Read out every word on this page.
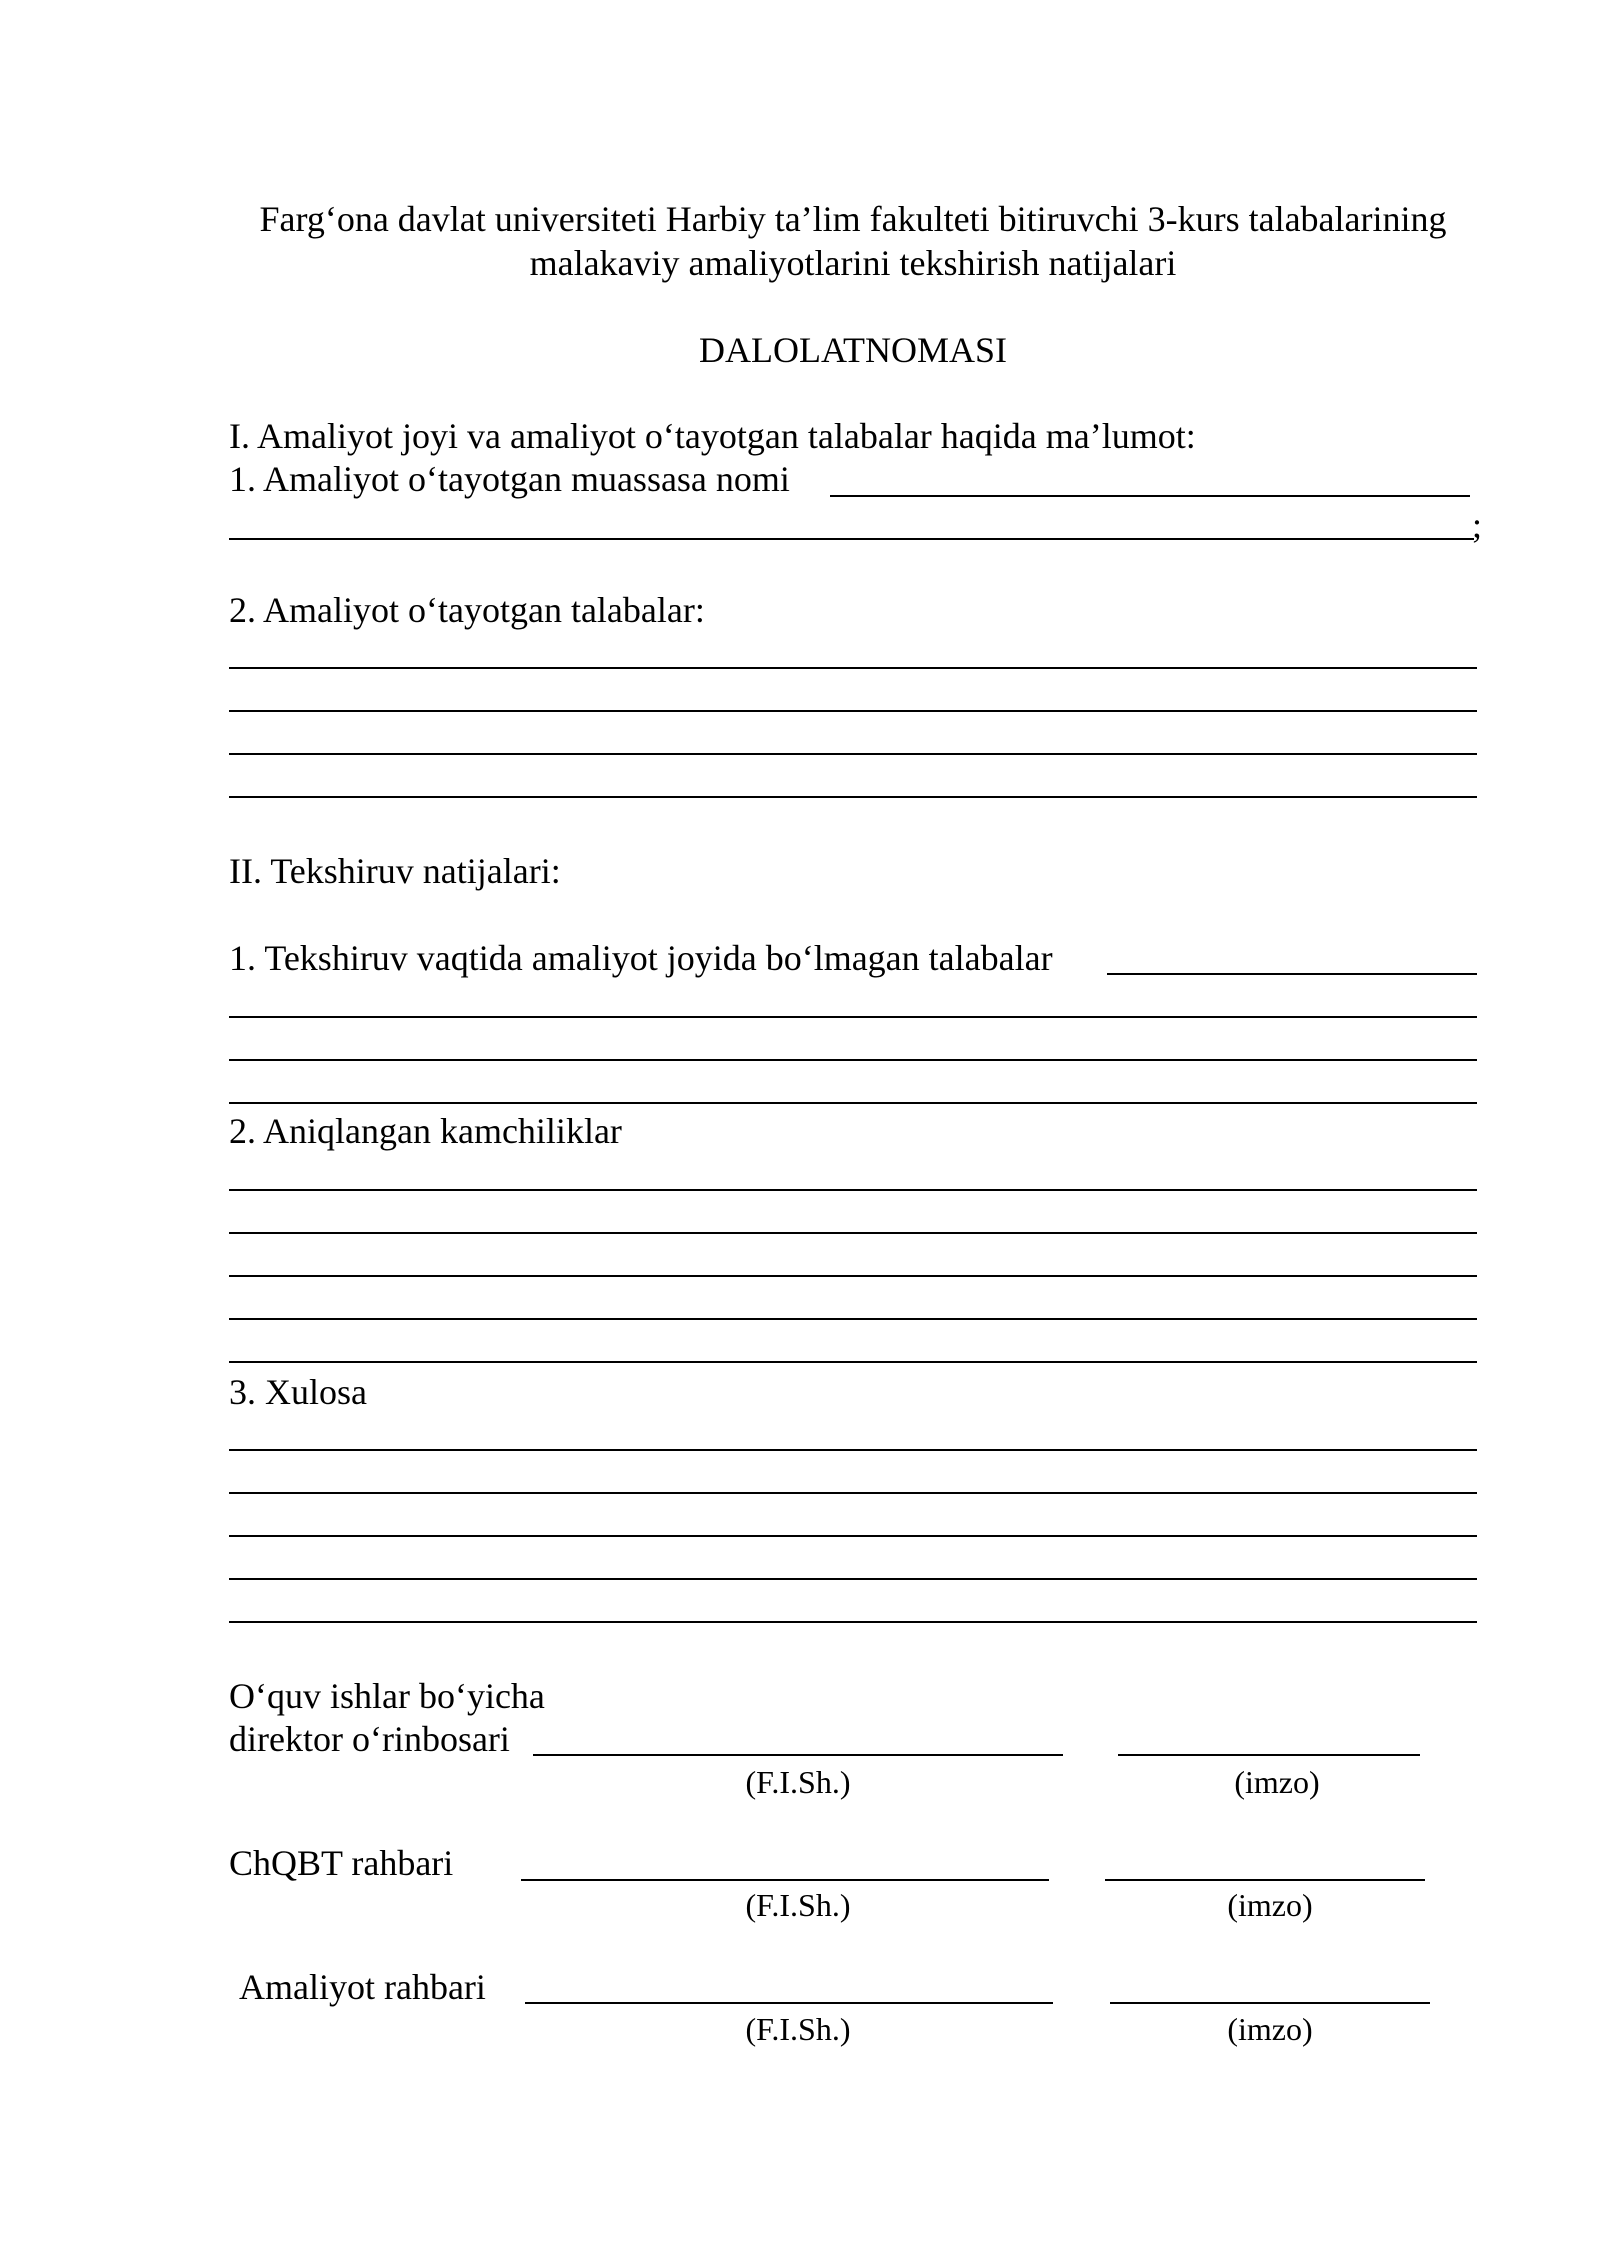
Farg‘ona davlat universiteti Harbiy ta’lim fakulteti bitiruvchi 3-kurs talabalarining
malakaviy amaliyotlarini tekshirish natijalari
DALOLATNOMASI
I. Amaliyot joyi va amaliyot o‘tayotgan talabalar haqida ma’lumot:
1. Amaliyot o‘tayotgan muassasa nomi
;
2. Amaliyot o‘tayotgan talabalar:
II. Tekshiruv natijalari:
1. Tekshiruv vaqtida amaliyot joyida bo‘lmagan talabalar
2. Aniqlangan kamchiliklar
3. Xulosa
O‘quv ishlar bo‘yicha
direktor o‘rinbosari
(F.I.Sh.)	(imzo)
ChQBT rahbari
(F.I.Sh.)	(imzo)
Amaliyot rahbari
(F.I.Sh.)	(imzo)
